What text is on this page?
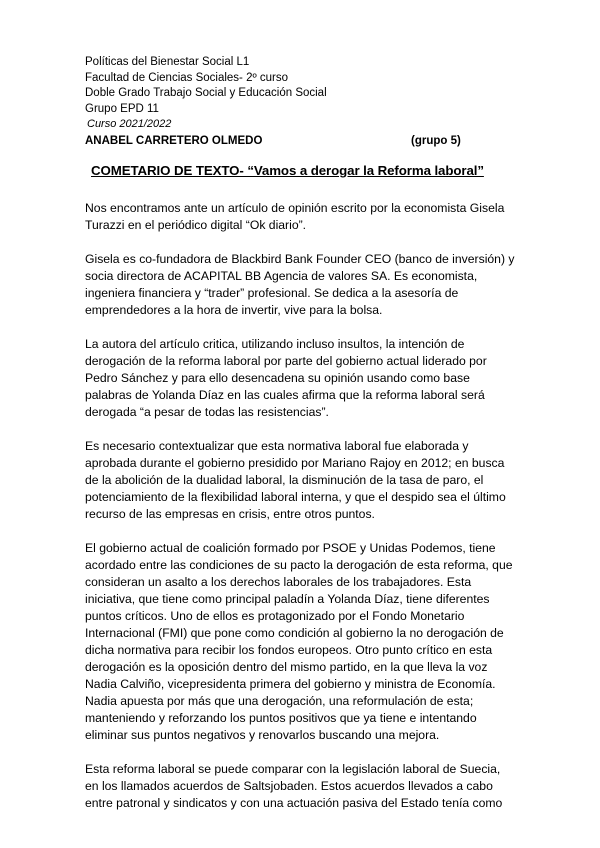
Políticas del Bienestar Social L1
Facultad de Ciencias Sociales- 2º curso
Doble Grado Trabajo Social y Educación Social
Grupo EPD 11
Curso 2021/2022
ANABEL CARRETERO OLMEDO	(grupo 5)
COMETARIO DE TEXTO- “Vamos a derogar la Reforma laboral”
Nos encontramos ante un artículo de opinión escrito por la economista Gisela
Turazzi en el periódico digital “Ok diario”.
Gisela es co-fundadora de Blackbird Bank Founder CEO (banco de inversión) y
socia directora de ACAPITAL BB Agencia de valores SA. Es economista,
ingeniera financiera y “trader” profesional. Se dedica a la asesoría de
emprendedores a la hora de invertir, vive para la bolsa.
La autora del artículo critica, utilizando incluso insultos, la intención de
derogación de la reforma laboral por parte del gobierno actual liderado por
Pedro Sánchez y para ello desencadena su opinión usando como base
palabras de Yolanda Díaz en las cuales afirma que la reforma laboral será
derogada “a pesar de todas las resistencias”.
Es necesario contextualizar que esta normativa laboral fue elaborada y
aprobada durante el gobierno presidido por Mariano Rajoy en 2012; en busca
de la abolición de la dualidad laboral, la disminución de la tasa de paro, el
potenciamiento de la flexibilidad laboral interna, y que el despido sea el último
recurso de las empresas en crisis, entre otros puntos.
El gobierno actual de coalición formado por PSOE y Unidas Podemos, tiene
acordado entre las condiciones de su pacto la derogación de esta reforma, que
consideran un asalto a los derechos laborales de los trabajadores. Esta
iniciativa, que tiene como principal paladín a Yolanda Díaz, tiene diferentes
puntos críticos. Uno de ellos es protagonizado por el Fondo Monetario
Internacional (FMI) que pone como condición al gobierno la no derogación de
dicha normativa para recibir los fondos europeos. Otro punto crítico en esta
derogación es la oposición dentro del mismo partido, en la que lleva la voz
Nadia Calviño, vicepresidenta primera del gobierno y ministra de Economía.
Nadia apuesta por más que una derogación, una reformulación de esta;
manteniendo y reforzando los puntos positivos que ya tiene e intentando
eliminar sus puntos negativos y renovarlos buscando una mejora.
Esta reforma laboral se puede comparar con la legislación laboral de Suecia,
en los llamados acuerdos de Saltsjobaden. Estos acuerdos llevados a cabo
entre patronal y sindicatos y con una actuación pasiva del Estado tenía como
